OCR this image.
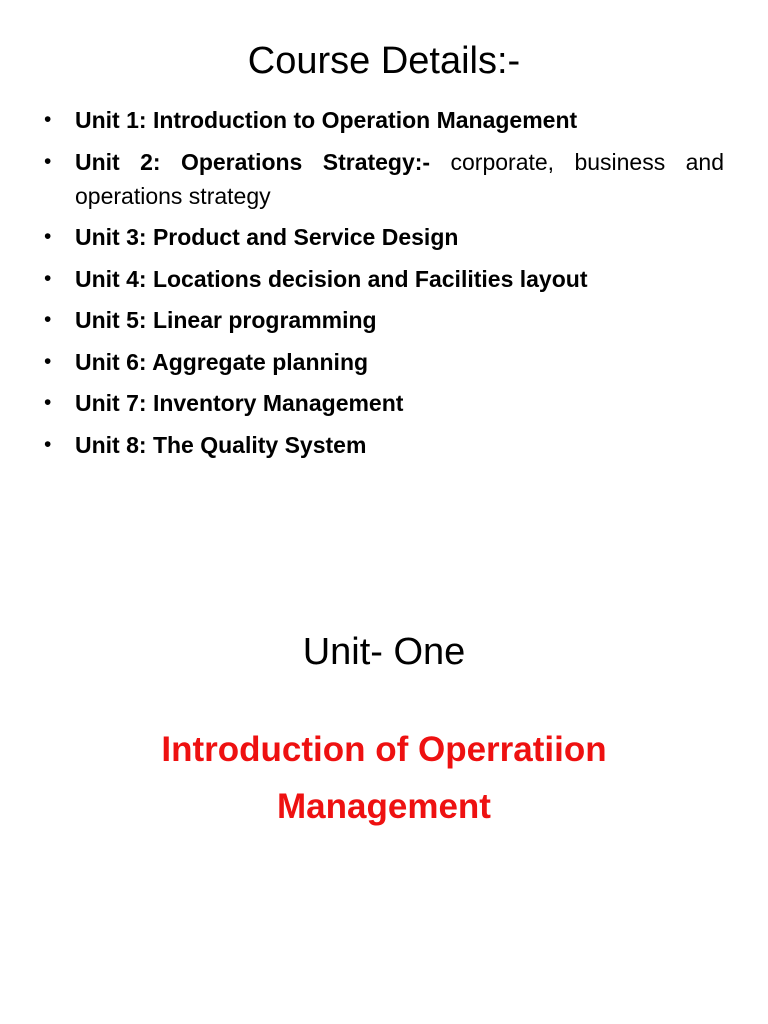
Course Details:-
• Unit 1: Introduction to Operation Management
• Unit 2: Operations Strategy:- corporate, business and operations strategy
• Unit 3: Product and Service Design
• Unit 4: Locations decision and Facilities layout
• Unit 5: Linear programming
• Unit 6: Aggregate planning
• Unit 7: Inventory Management
• Unit 8: The Quality System
Unit- One

Introduction of Operratiion Management
